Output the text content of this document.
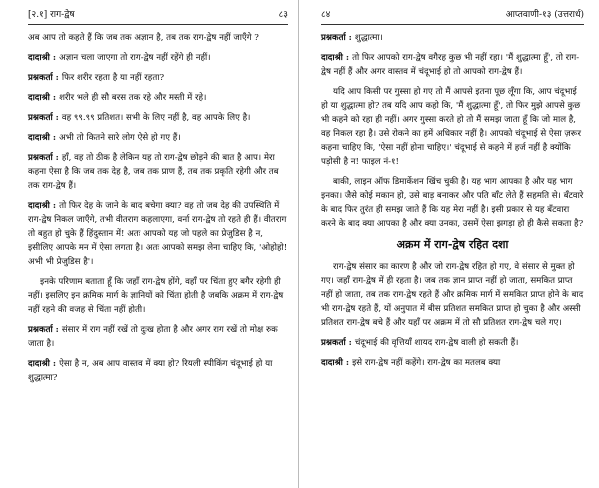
[२.१] राग-द्वेष	८३
अब आप तो कहते हैं कि जब तक अज्ञान है, तब तक राग-द्वेष नहीं जाएँगे ?
दादाश्री : अज्ञान चला जाएगा तो राग-द्वेष नहीं रहेंगे ही नहीं।
प्रश्नकर्ता : फिर शरीर रहता है या नहीं रहता?
दादाश्री : शरीर भले ही सौ बरस तक रहे और मस्ती में रहे।
प्रश्नकर्ता : वह ९९.९९ प्रतिशत। सभी के लिए नहीं है, वह आपके लिए है।
दादाश्री : अभी तो कितने सारे लोग ऐसे हो गए हैं।
प्रश्नकर्ता : हाँ, वह तो ठीक है लेकिन यह तो राग-द्वेष छोड़ने की बात है आप। मेरा कहना ऐसा है कि जब तक देह है, जब तक प्राण हैं, तब तक प्रकृति रहेगी और तब तक राग-द्वेष हैं।
दादाश्री : तो फिर देह के जाने के बाद बचेगा क्या? वह तो जब देह की उपस्थिति में राग-द्वेष निकल जाएँगे, तभी वीतराग कहलाएगा, वर्ना राग-द्वेष तो रहते ही हैं। वीतराग तो बहुत हो चुके हैं हिंदुस्तान में! अतः आपको यह जो पहले का प्रेजुडिस है न, इसीलिए आपके मन में ऐसा लगता है। अतः आपको समझ लेना चाहिए कि, 'ओहोहो! अभी भी प्रेजुडिस है'।
इनके परिणाम बताता हूँ कि जहाँ राग-द्वेष होंगे, वहाँ पर चिंता हुए बगैर रहेगी ही नहीं। इसलिए इन क्रमिक मार्ग के ज्ञानियों को चिंता होती है जबकि अक्रम में राग-द्वेष नहीं रहने की वजह से चिंता नहीं होती।
प्रश्नकर्ता : संसार में राग नहीं रखें तो दुःख होता है और अगर राग रखें तो मोक्ष रुक जाता है।
दादाश्री : ऐसा है न, अब आप वास्तव में क्या हो? रियली स्पीकिंग चंदूभाई हो या शुद्धात्मा?
८४	आप्तवाणी-१३ (उत्तरार्ध)
प्रश्नकर्ता : शुद्धात्मा।
दादाश्री : तो फिर आपको राग-द्वेष वगैरह कुछ भी नहीं रहा। 'मैं शुद्धात्मा हूँ', तो राग-द्वेष नहीं हैं और अगर वास्तव में चंदूभाई हो तो आपको राग-द्वेष हैं।
यदि आप किसी पर गुस्सा हो गए तो मैं आपसे इतना पूछ लूँगा कि, आप चंदूभाई हो या शुद्धात्मा हो? तब यदि आप कहो कि, 'मैं शुद्धात्मा हूँ', तो फिर मुझे आपसे कुछ भी कहने को रहा ही नहीं। अगर गुस्सा करते हो तो मैं समझ जाता हूँ कि जो माल है, वह निकल रहा है। उसे रोकने का हमें अधिकार नहीं है। आपको चंदूभाई से ऐसा ज़रूर कहना चाहिए कि, 'ऐसा नहीं होना चाहिए।' चंदूभाई से कहने में हर्ज नहीं है क्योंकि पड़ोसी है न! फाइल नं-१!
बाकी, लाइन ऑफ डिमार्केशन खिंच चुकी है। यह भाग आपका है और यह भाग इनका। जैसे कोई मकान हो, उसे बाड़ बनाकर और पति बाँट लेते हैं सहमति से। बँटवारे के बाद फिर तुरंत ही समझ जाते हैं कि यह मेरा नहीं है। इसी प्रकार से यह बँटवारा करने के बाद क्या आपका है और क्या उनका, उसमें ऐसा झगड़ा हो ही कैसे सकता है?
अक्रम में राग-द्वेष रहित दशा
राग-द्वेष संसार का कारण है और जो राग-द्वेष रहित हो गए, वे संसार से मुक्त हो गए। जहाँ राग-द्वेष में ही रहता है। जब तक ज्ञान प्राप्त नहीं हो जाता, समकित प्राप्त नहीं हो जाता, तब तक राग-द्वेष रहते हैं और क्रमिक मार्ग में समकित प्राप्त होने के बाद भी राग-द्वेष रहते हैं, यों अनुपात में बीस प्रतिशत समकित प्राप्त हो चुका है और अस्सी प्रतिशत राग-द्वेष बचे हैं और यहाँ पर अक्रम में तो सौ प्रतिशत राग-द्वेष चले गए।
प्रश्नकर्ता : चंदूभाई की वृत्तियाँ शायद राग-द्वेष वाली हो सकती हैं।
दादाश्री : इसे राग-द्वेष नहीं कहेंगे। राग-द्वेष का मतलब क्या
